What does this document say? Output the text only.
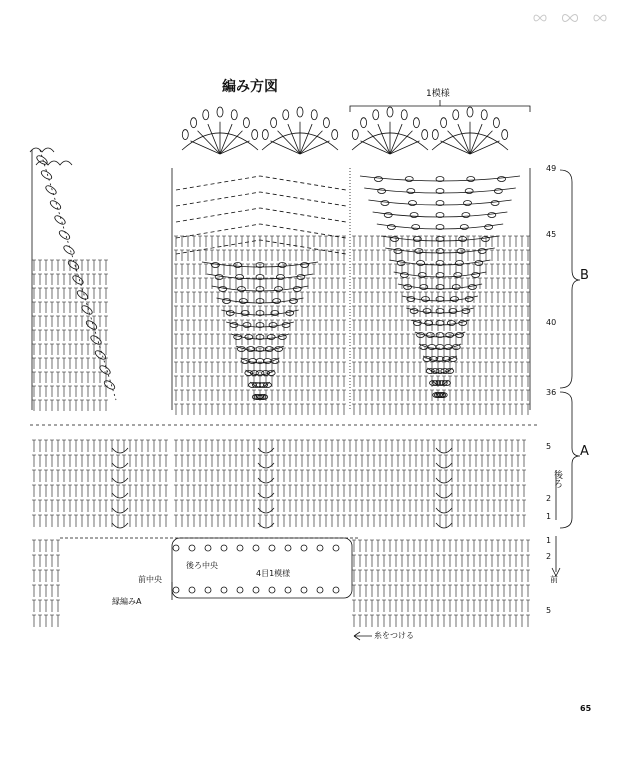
編み方図	1模様
49
45
40
36
B
A
5
2
1
後ろ
前
1
2
5
後ろ中央
前中央
縁編みA
4目1模様
糸をつける
65
